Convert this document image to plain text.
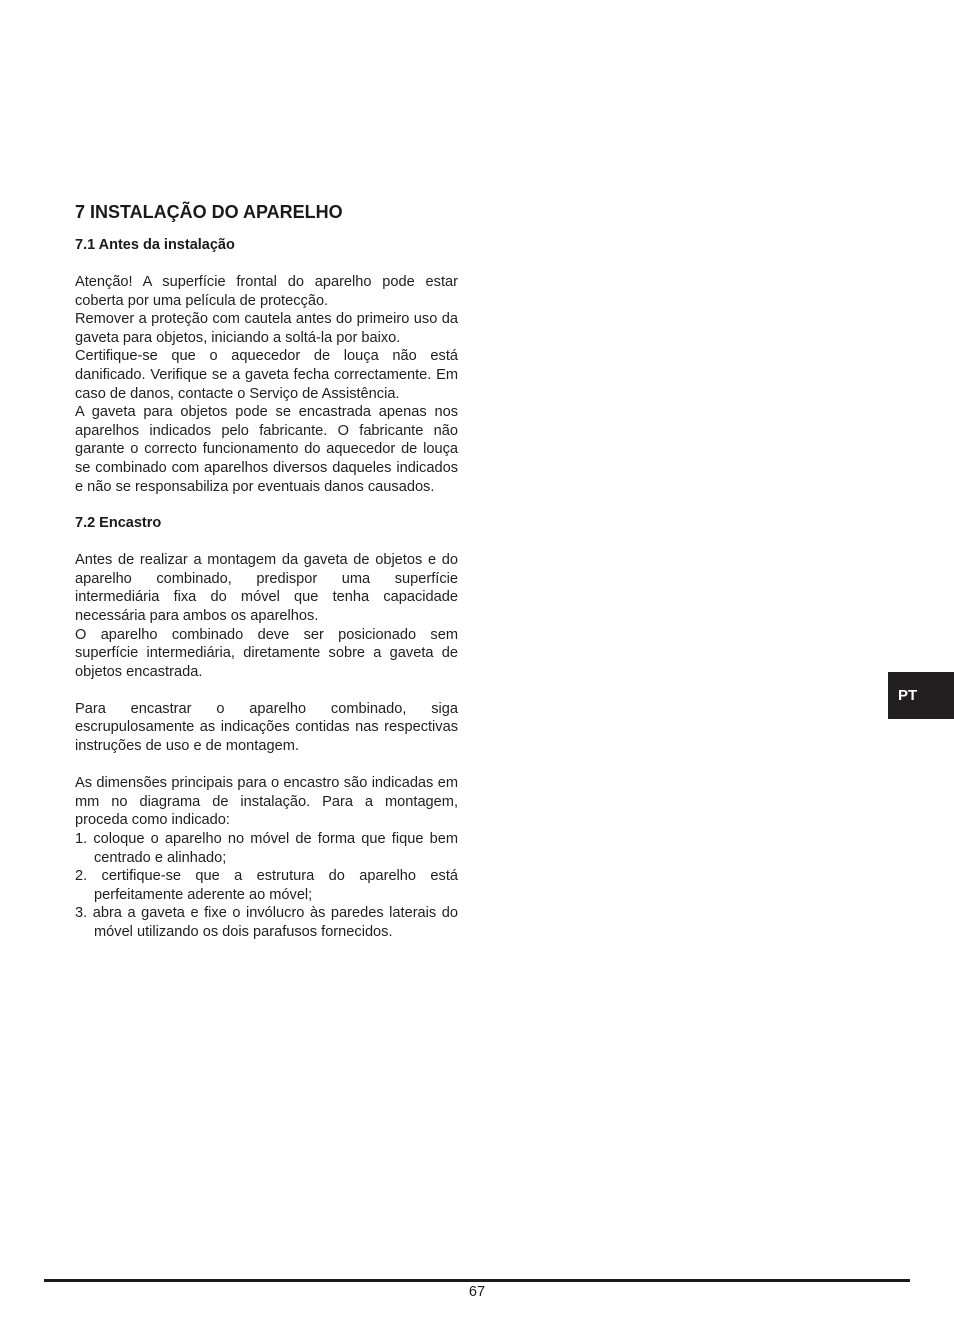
7 INSTALAÇÃO DO APARELHO
7.1 Antes da instalação

Atenção! A superfície frontal do aparelho pode estar coberta por uma película de protecção.

Remover a proteção com cautela antes do primeiro uso da gaveta para objetos, iniciando a soltá-la por baixo.

Certifique-se que o aquecedor de louça não está danificado. Verifique se a gaveta fecha correctamente. Em caso de danos, contacte o Serviço de Assistência.

A gaveta para objetos pode se encastrada apenas nos aparelhos indicados pelo fabricante. O fabricante não garante o correcto funcionamento do aquecedor de louça se combinado com aparelhos diversos daqueles indicados e não se responsabiliza por eventuais danos causados.

7.2 Encastro

Antes de realizar a montagem da gaveta de objetos e do aparelho combinado, predispor uma superfície intermediária fixa do móvel que tenha capacidade necessária para ambos os aparelhos.

O aparelho combinado deve ser posicionado sem superfície intermediária, diretamente sobre a gaveta de objetos encastrada.

Para encastrar o aparelho combinado, siga escrupulosamente as indicações contidas nas respectivas instruções de uso e de montagem.

As dimensões principais para o encastro são indicadas em mm no diagrama de instalação. Para a montagem, proceda como indicado:

1. coloque o aparelho no móvel de forma que fique bem centrado e alinhado;
2. certifique-se que a estrutura do aparelho está perfeitamente aderente ao móvel;
3. abra a gaveta e fixe o invólucro às paredes laterais do móvel utilizando os dois parafusos fornecidos.
PT
67
